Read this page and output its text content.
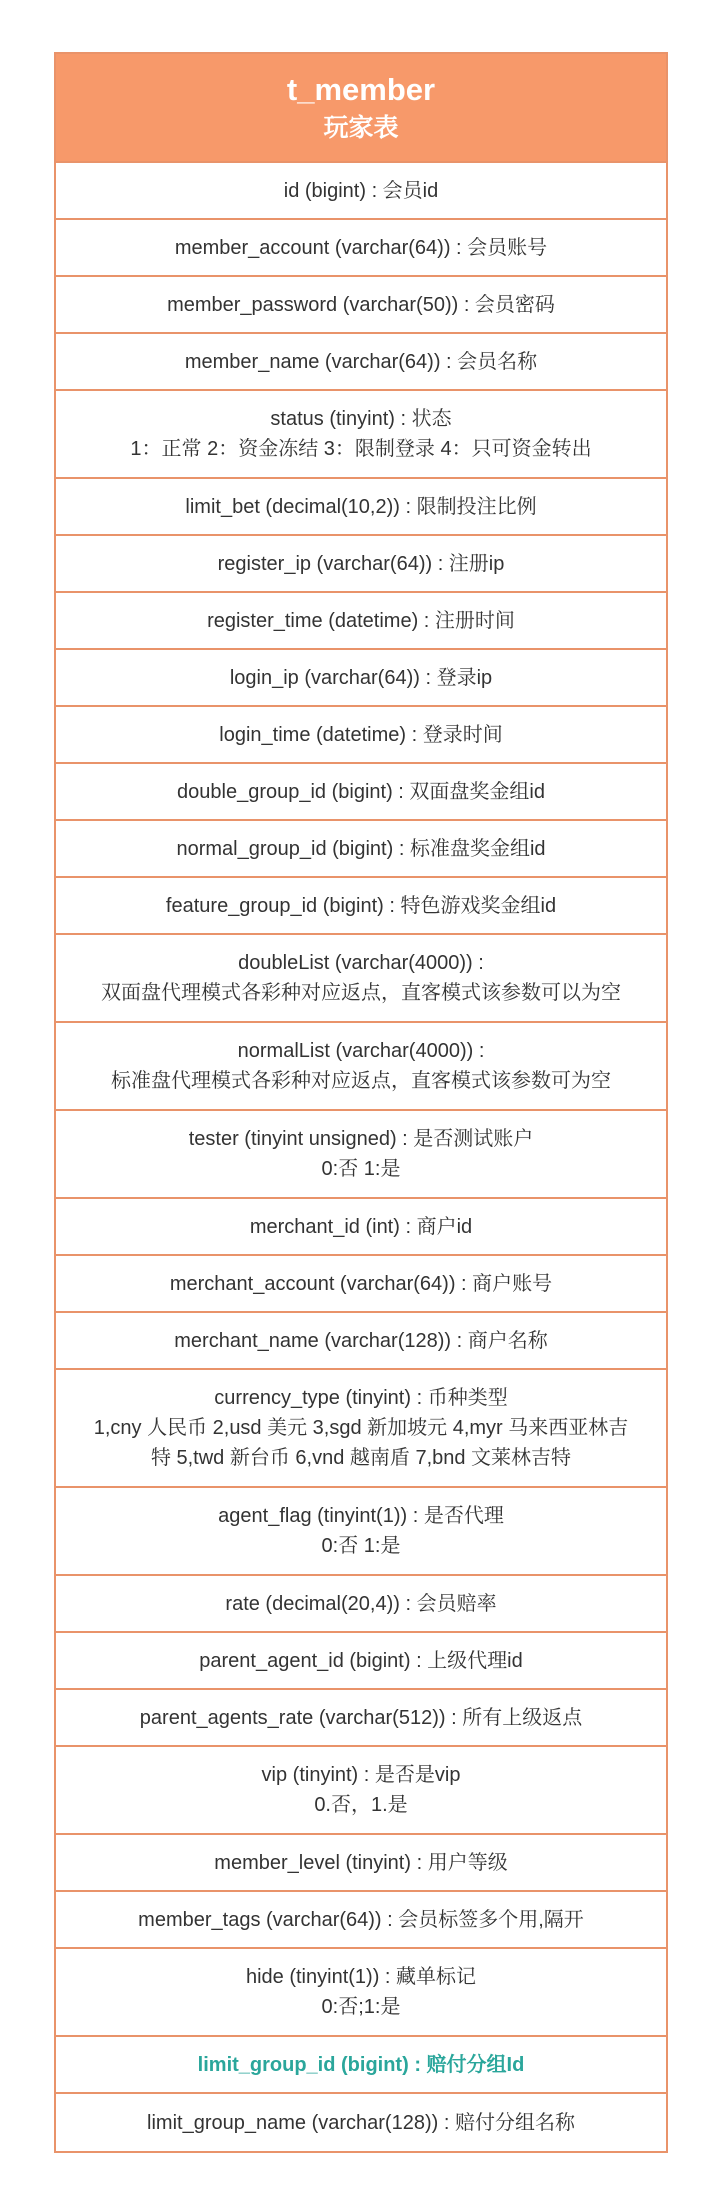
t_member
玩家表
id (bigint) : 会员id
member_account (varchar(64)) : 会员账号
member_password (varchar(50)) : 会员密码
member_name (varchar(64)) : 会员名称
status (tinyint) : 状态
1：正常 2：资金冻结 3：限制登录 4：只可资金转出
limit_bet (decimal(10,2)) : 限制投注比例
register_ip (varchar(64)) : 注册ip
register_time (datetime) : 注册时间
login_ip (varchar(64)) : 登录ip
login_time (datetime) : 登录时间
double_group_id (bigint) : 双面盘奖金组id
normal_group_id (bigint) : 标准盘奖金组id
feature_group_id (bigint) : 特色游戏奖金组id
doubleList (varchar(4000)) :
双面盘代理模式各彩种对应返点，直客模式该参数可以为空
normalList (varchar(4000)) :
标准盘代理模式各彩种对应返点，直客模式该参数可为空
tester (tinyint unsigned) : 是否测试账户
0:否 1:是
merchant_id (int) : 商户id
merchant_account (varchar(64)) : 商户账号
merchant_name (varchar(128)) : 商户名称
currency_type (tinyint) : 币种类型
1,cny 人民币 2,usd 美元 3,sgd 新加坡元 4,myr 马来西亚林吉
特 5,twd 新台币 6,vnd 越南盾 7,bnd 文莱林吉特
agent_flag (tinyint(1)) : 是否代理
0:否 1:是
rate (decimal(20,4)) : 会员赔率
parent_agent_id (bigint) : 上级代理id
parent_agents_rate (varchar(512)) : 所有上级返点
vip (tinyint) : 是否是vip
0.否，1.是
member_level (tinyint) : 用户等级
member_tags (varchar(64)) : 会员标签多个用,隔开
hide (tinyint(1)) : 藏单标记
0:否;1:是
limit_group_id (bigint) : 赔付分组Id
limit_group_name (varchar(128)) : 赔付分组名称
